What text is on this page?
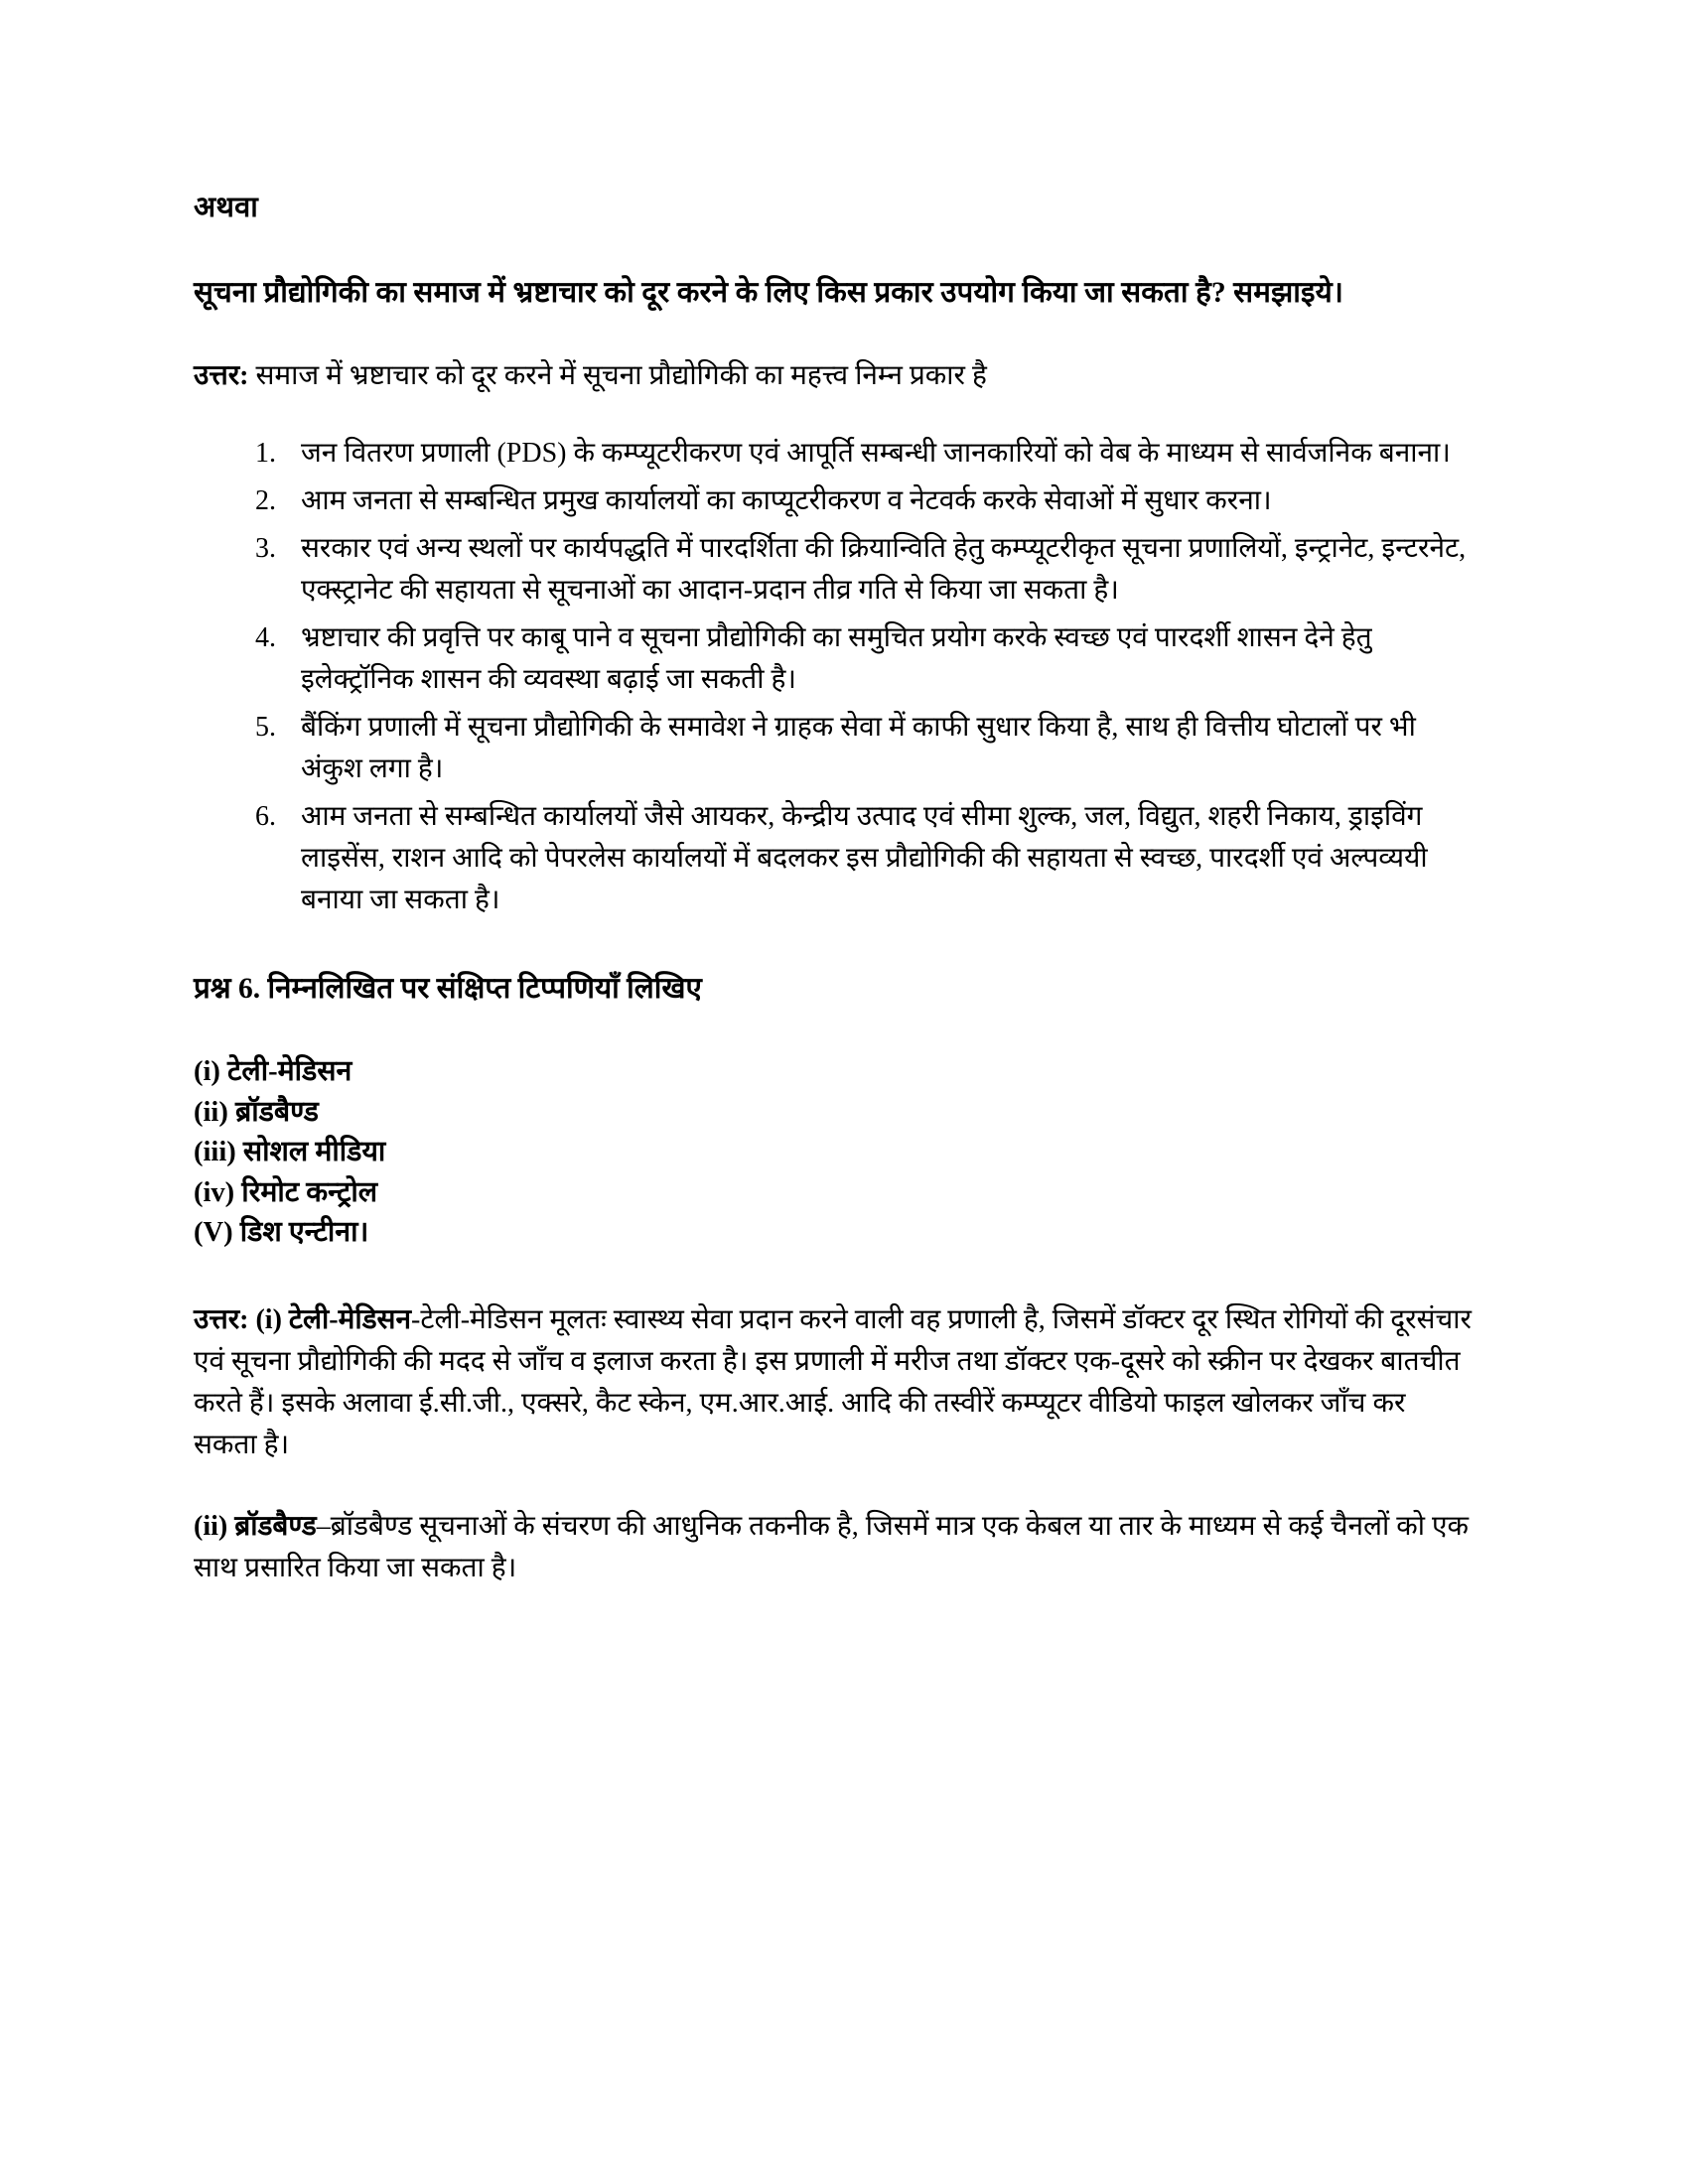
अथवा

सूचना प्रौद्योगिकी का समाज में भ्रष्टाचार को दूर करने के लिए किस प्रकार उपयोग किया जा सकता है? समझाइये।

उत्तर: समाज में भ्रष्टाचार को दूर करने में सूचना प्रौद्योगिकी का महत्त्व निम्न प्रकार है

1. जन वितरण प्रणाली (PDS) के कम्प्यूटरीकरण एवं आपूर्ति सम्बन्धी जानकारियों को वेब के माध्यम से सार्वजनिक बनाना।
2. आम जनता से सम्बन्धित प्रमुख कार्यालयों का काप्यूटरीकरण व नेटवर्क करके सेवाओं में सुधार करना।
3. सरकार एवं अन्य स्थलों पर कार्यपद्धति में पारदर्शिता की क्रियान्विति हेतु कम्प्यूटरीकृत सूचना प्रणालियों, इन्ट्रानेट, इन्टरनेट, एक्स्ट्रानेट की सहायता से सूचनाओं का आदान-प्रदान तीव्र गति से किया जा सकता है।
4. भ्रष्टाचार की प्रवृत्ति पर काबू पाने व सूचना प्रौद्योगिकी का समुचित प्रयोग करके स्वच्छ एवं पारदर्शी शासन देने हेतु इलेक्ट्रॉनिक शासन की व्यवस्था बढ़ाई जा सकती है।
5. बैंकिंग प्रणाली में सूचना प्रौद्योगिकी के समावेश ने ग्राहक सेवा में काफी सुधार किया है, साथ ही वित्तीय घोटालों पर भी अंकुश लगा है।
6. आम जनता से सम्बन्धित कार्यालयों जैसे आयकर, केन्द्रीय उत्पाद एवं सीमा शुल्क, जल, विद्युत, शहरी निकाय, ड्राइविंग लाइसेंस, राशन आदि को पेपरलेस कार्यालयों में बदलकर इस प्रौद्योगिकी की सहायता से स्वच्छ, पारदर्शी एवं अल्पव्ययी बनाया जा सकता है।

प्रश्न 6. निम्नलिखित पर संक्षिप्त टिप्पणियाँ लिखिए

(i) टेली-मेडिसन
(ii) ब्रॉडबैण्ड
(iii) सोशल मीडिया
(iv) रिमोट कन्ट्रोल
(V) डिश एन्टीना।

उत्तर: (i) टेली-मेडिसन-टेली-मेडिसन मूलतः स्वास्थ्य सेवा प्रदान करने वाली वह प्रणाली है, जिसमें डॉक्टर दूर स्थित रोगियों की दूरसंचार एवं सूचना प्रौद्योगिकी की मदद से जाँच व इलाज करता है। इस प्रणाली में मरीज तथा डॉक्टर एक-दूसरे को स्क्रीन पर देखकर बातचीत करते हैं। इसके अलावा ई.सी.जी., एक्सरे, कैट स्केन, एम.आर.आई. आदि की तस्वीरें कम्प्यूटर वीडियो फाइल खोलकर जाँच कर सकता है।

(ii) ब्रॉडबैण्ड–ब्रॉडबैण्ड सूचनाओं के संचरण की आधुनिक तकनीक है, जिसमें मात्र एक केबल या तार के माध्यम से कई चैनलों को एक साथ प्रसारित किया जा सकता है।
